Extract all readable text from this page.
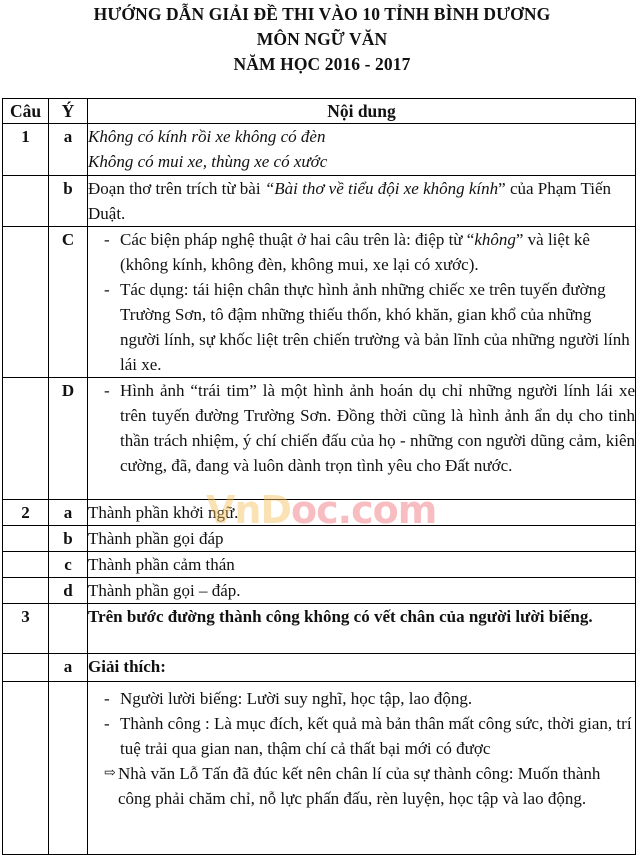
HƯỚNG DẪN GIẢI ĐỀ THI VÀO 10 TỈNH BÌNH DƯƠNG
MÔN NGỮ VĂN
NĂM HỌC 2016 - 2017
Câu	Ý	Nội dung
1	a	Không có kính rồi xe không có đèn
Không có mui xe, thùng xe có xước

	b	Đoạn thơ trên trích từ bài “Bài thơ về tiểu đội xe không kính” của Phạm Tiến Duật.
	C	- Các biện pháp nghệ thuật ở hai câu trên là: điệp từ “không” và liệt kê (không kính, không đèn, không mui, xe lại có xước).
- Tác dụng: tái hiện chân thực hình ảnh những chiếc xe trên tuyến đường Trường Sơn, tô đậm những thiếu thốn, khó khăn, gian khổ của những người lính, sự khốc liệt trên chiến trường và bản lĩnh của những người lính lái xe.

	D	- Hình ảnh “trái tim” là một hình ảnh hoán dụ chỉ những người lính lái xe trên tuyến đường Trường Sơn. Đồng thời cũng là hình ảnh ẩn dụ cho tinh thần trách nhiệm, ý chí chiến đấu của họ - những con người dũng cảm, kiên cường, đã, đang và luôn dành trọn tình yêu cho Đất nước.

2	a	Thành phần khởi ngữ.
	b	Thành phần gọi đáp
	c	Thành phần cảm thán
	d	Thành phần gọi – đáp.
3		Trên bước đường thành công không có vết chân của người lười biếng.
	a	Giải thích:

- Người lười biếng: Lười suy nghĩ, học tập, lao động.
- Thành công : Là mục đích, kết quả mà bản thân mất công sức, thời gian, trí tuệ trải qua gian nan, thậm chí cả thất bại mới có được
⇨ Nhà văn Lỗ Tấn đã đúc kết nên chân lí của sự thành công: Muốn thành công phải chăm chỉ, nỗ lực phấn đấu, rèn luyện, học tập và lao động.
VnDoc.com
